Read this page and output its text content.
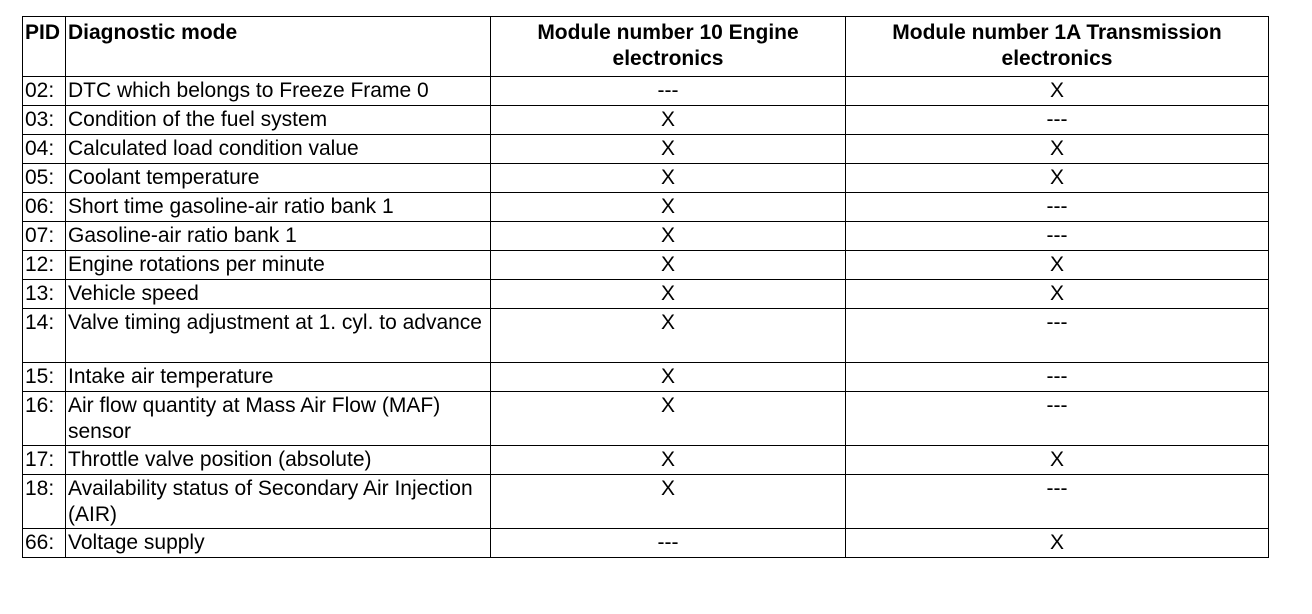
PID	Diagnostic mode	Module number 10 Engine electronics	Module number 1A Transmission electronics
02:	DTC which belongs to Freeze Frame 0	---	X
03:	Condition of the fuel system	X	---
04:	Calculated load condition value	X	X
05:	Coolant temperature	X	X
06:	Short time gasoline-air ratio bank 1	X	---
07:	Gasoline-air ratio bank 1	X	---
12:	Engine rotations per minute	X	X
13:	Vehicle speed	X	X
14:	Valve timing adjustment at 1. cyl. to advance	X	---
15:	Intake air temperature	X	---
16:	Air flow quantity at Mass Air Flow (MAF) sensor	X	---
17:	Throttle valve position (absolute)	X	X
18:	Availability status of Secondary Air Injection (AIR)	X	---
66:	Voltage supply	---	X
